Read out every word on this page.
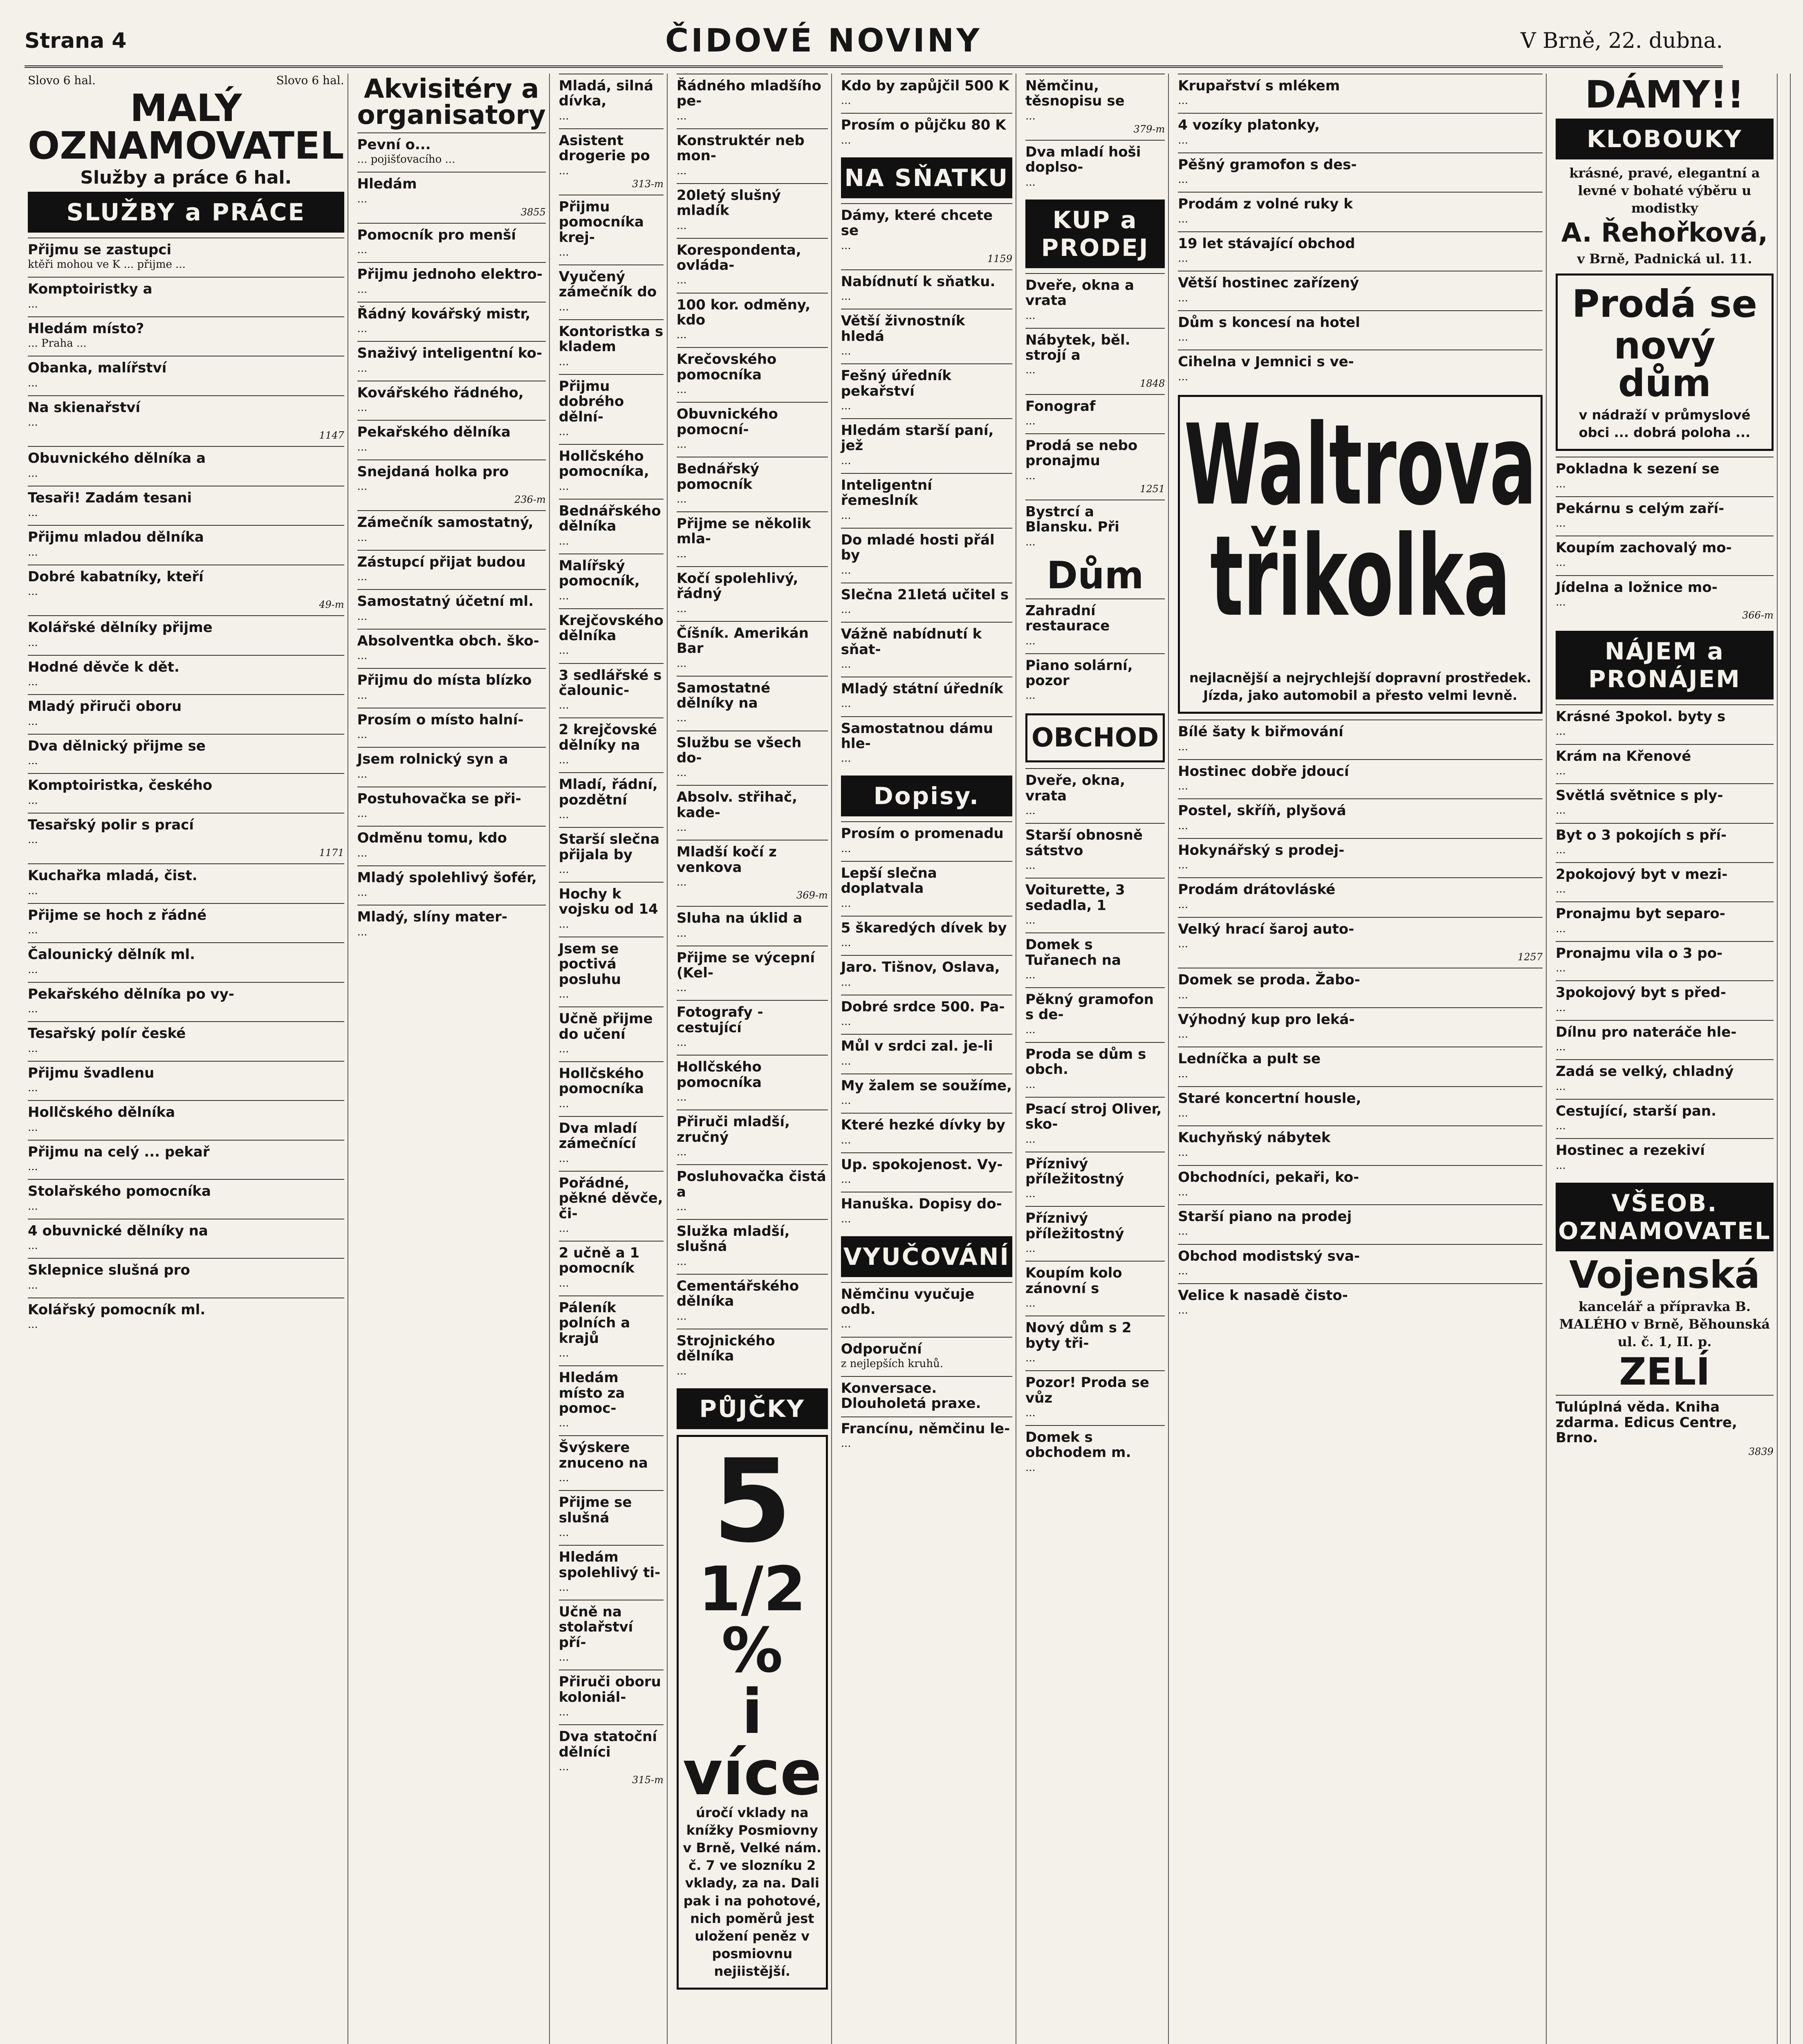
Strana 4	ČIDOVÉ NOVINY	V Brně, 22. dubna.
Slovo 6 hal.	Slovo 6 hal.
MALÝ OZNAMOVATEL
Služby a práce 6 hal.
SLUŽBY a PRÁCE
Přijmu se zastupci
ktěři mohou ve K ... přijme ...
Komptoiristky a
...
Hledám místo?
... Praha ...
Obanka, malířství
...
Na skienařství
...
1147
Obuvnického dělníka a
...
Tesaři! Zadám tesani
...
Přijmu mladou dělníka
...
Dobré kabatníky, kteří
...
49-m
Kolářské dělníky přijme
...
Hodné děvče k dět.
...
Mladý přiruči oboru
...
Dva dělnický přijme se
...
Komptoiristka, českého
...
Tesařský polir s prací
...
1171
Kuchařka mladá, čist.
...
Přijme se hoch z řádné
...
Čalounický dělník ml.
...
Pekařského dělníka po vy-
...
Tesařský polír české
...
Přijmu švadlenu
...
Hollčského dělníka
...
Přijmu na celý ... pekař
...
Stolařského pomocníka
...
4 obuvnické dělníky na
...
Sklepnice slušná pro
...
Kolářský pomocník ml.
...
Akvisitéry a organisatory
Pevní o...
... pojišťovacího ...
Hledám
...
3855
Pomocník pro menší
...
Přijmu jednoho elektro-
...
Řádný kovářský mistr,
...
Snaživý inteligentní ko-
...
Kovářského řádného,
...
Pekařského dělníka
...
Snejdaná holka pro
...
236-m
Zámečník samostatný,
...
Zástupcí přijat budou
...
Samostatný účetní ml.
...
Absolventka obch. ško-
...
Přijmu do místa blízko
...
Prosím o místo halní-
...
Jsem rolnický syn a
...
Postuhovačka se při-
...
Odměnu tomu, kdo
...
Mladý spolehlivý šofér,
...
Mladý, slíny mater-
...
Mladá, silná dívka,
...
Asistent drogerie po
...
313-m
Přijmu pomocníka krej-
...
Vyučený zámečník do
...
Kontoristka s kladem
...
Přijmu dobrého dělní-
...
Hollčského pomocníka,
...
Bednářského dělníka
...
Malířský pomocník,
...
Krejčovského dělníka
...
3 sedlářské s čalounic-
...
2 krejčovské dělníky na
...
Mladí, řádní, pozdětní
...
Starší slečna přijala by
...
Hochy k vojsku od 14
...
Jsem se poctivá posluhu
...
Učně přijme do učení
...
Hollčského pomocníka
...
Dva mladí zámečnící
...
Pořádné, pěkné děvče, či-
...
2 učně a 1 pomocník
...
Páleník polních a krajů
...
Hledám místo za pomoc-
...
Švýskere znuceno na
...
Přijme se slušná
...
Hledám spolehlivý ti-
...
Učně na stolařství pří-
...
Přiruči oboru koloniál-
...
Dva statoční dělníci
...
315-m
Řádného mladšího pe-
...
Konstruktér neb mon-
...
20letý slušný mladík
...
Korespondenta, ovláda-
...
100 kor. odměny, kdo
...
Krečovského pomocníka
...
Obuvnického pomocní-
...
Bednářský pomocník
...
Přijme se několik mla-
...
Kočí spolehlivý, řádný
...
Číšník. Amerikán Bar
...
Samostatné dělníky na
...
Službu se všech do-
...
Absolv. střihač, kade-
...
Mladší kočí z venkova
...
369-m
Sluha na úklid a
...
Přijme se výcepní (Kel-
...
Fotografy - cestující
...
Hollčského pomocníka
...
Přiruči mladší, zručný
...
Posluhovačka čistá a
...
Služka mladší, slušná
...
Cementářského dělníka
...
Strojnického dělníka
...
PŮJČKY
5
1/2 %
i více
úročí vklady na knížky Posmiovny v Brně, Velké nám. č. 7 ve slozníku 2 vklady, za na. Dali pak i na pohotové, nich poměrů jest uložení peněz v posmiovnu nejiistější.
Kdo by zapůjčil 500 K
...
Prosím o půjčku 80 K
...
NA SŇATKU
Dámy, které chcete se
...
1159
Nabídnutí k sňatku.
...
Větší živnostník hledá
...
Fešný úředník pekařství
...
Hledám starší paní, jež
...
Inteligentní řemeslník
...
Do mladé hosti přál by
...
Slečna 21letá učitel s
...
Vážně nabídnutí k sňat-
...
Mladý státní úředník
...
Samostatnou dámu hle-
...
Dopisy.
Prosím o promenadu
...
Lepší slečna doplatvala
...
5 škaredých dívek by
...
Jaro. Tišnov, Oslava,
...
Dobré srdce 500. Pa-
...
Můl v srdci zal. je-li
...
My žalem se soužíme,
...
Které hezké dívky by
...
Up. spokojenost. Vy-
...
Hanuška. Dopisy do-
...
VYUČOVÁNÍ
Němčinu vyučuje odb.
...
Odporuční
z nejlepších kruhů.
Konversace. Dlouholetá praxe.
Francínu, němčinu le-
...
Němčinu, těsnopisu se
...
379-m
Dva mladí hoši doplso-
...
KUP a PRODEJ
Dveře, okna a vrata
...
Nábytek, běl. strojí a
...
1848
Fonograf
...
Prodá se nebo pronajmu
...
1251
Bystrcí a Blansku. Při
...
Dům
Zahradní restaurace
...
Piano solární, pozor
...
OBCHOD
Dveře, okna, vrata
...
Starší obnosně sátstvo
...
Voiturette, 3 sedadla, 1
...
Domek s Tuřanech na
...
Pěkný gramofon s de-
...
Proda se dům s obch.
...
Psací stroj Oliver, sko-
...
Příznivý příležitostný
...
Příznivý příležitostný
...
Koupím kolo zánovní s
...
Nový dům s 2 byty tři-
...
Pozor! Proda se vůz
...
Domek s obchodem m.
...
Krupařství s mlékem
...
4 vozíky platonky,
...
Pěšný gramofon s des-
...
Prodám z volné ruky k
...
19 let stávající obchod
...
Větší hostinec zařízený
...
Dům s koncesí na hotel
...
Cihelna v Jemnici s ve-
...
Waltrova třikolka
nejlacnější a nejrychlejší dopravní prostředek. Jízda, jako automobil a přesto velmi levně.
Bílé šaty k biřmování
...
Hostinec dobře jdoucí
...
Postel, skříň, plyšová
...
Hokynářský s prodej-
...
Prodám drátovláské
...
Velký hrací šaroj auto-
...
1257
Domek se proda. Žabo-
...
Výhodný kup pro leká-
...
Ledníčka a pult se
...
Staré koncertní housle,
...
Kuchyňský nábytek
...
Obchodníci, pekaři, ko-
...
Starší piano na prodej
...
Obchod modistský sva-
...
Velice k nasadě čisto-
...
DÁMY!!
KLOBOUKY
krásné, pravé, elegantní a levné v bohaté výběru u modistky
A. Řehořková,
v Brně, Padnická ul. 11.
Prodá se
nový dům
v nádraží v průmyslové obci ... dobrá poloha ...
Pokladna k sezení se
...
Pekárnu s celým zaří-
...
Koupím zachovalý mo-
...
Jídelna a ložnice mo-
...
366-m
NÁJEM a PRONÁJEM
Krásné 3pokol. byty s
...
Krám na Křenové
...
Světlá světnice s ply-
...
Byt o 3 pokojích s pří-
...
2pokojový byt v mezi-
...
Pronajmu byt separo-
...
Pronajmu vila o 3 po-
...
3pokojový byt s před-
...
Dílnu pro nateráče hle-
...
Zadá se velký, chladný
...
Cestující, starší pan.
...
Hostinec a rezekiví
...
VŠEOB. OZNAMOVATEL
Vojenská
kancelář a přípravka B. MALÉHO v Brně, Běhounská ul. č. 1, II. p.
ZELÍ
Tulúplná věda. Kniha zdarma. Edicus Centre, Brno.
3839
